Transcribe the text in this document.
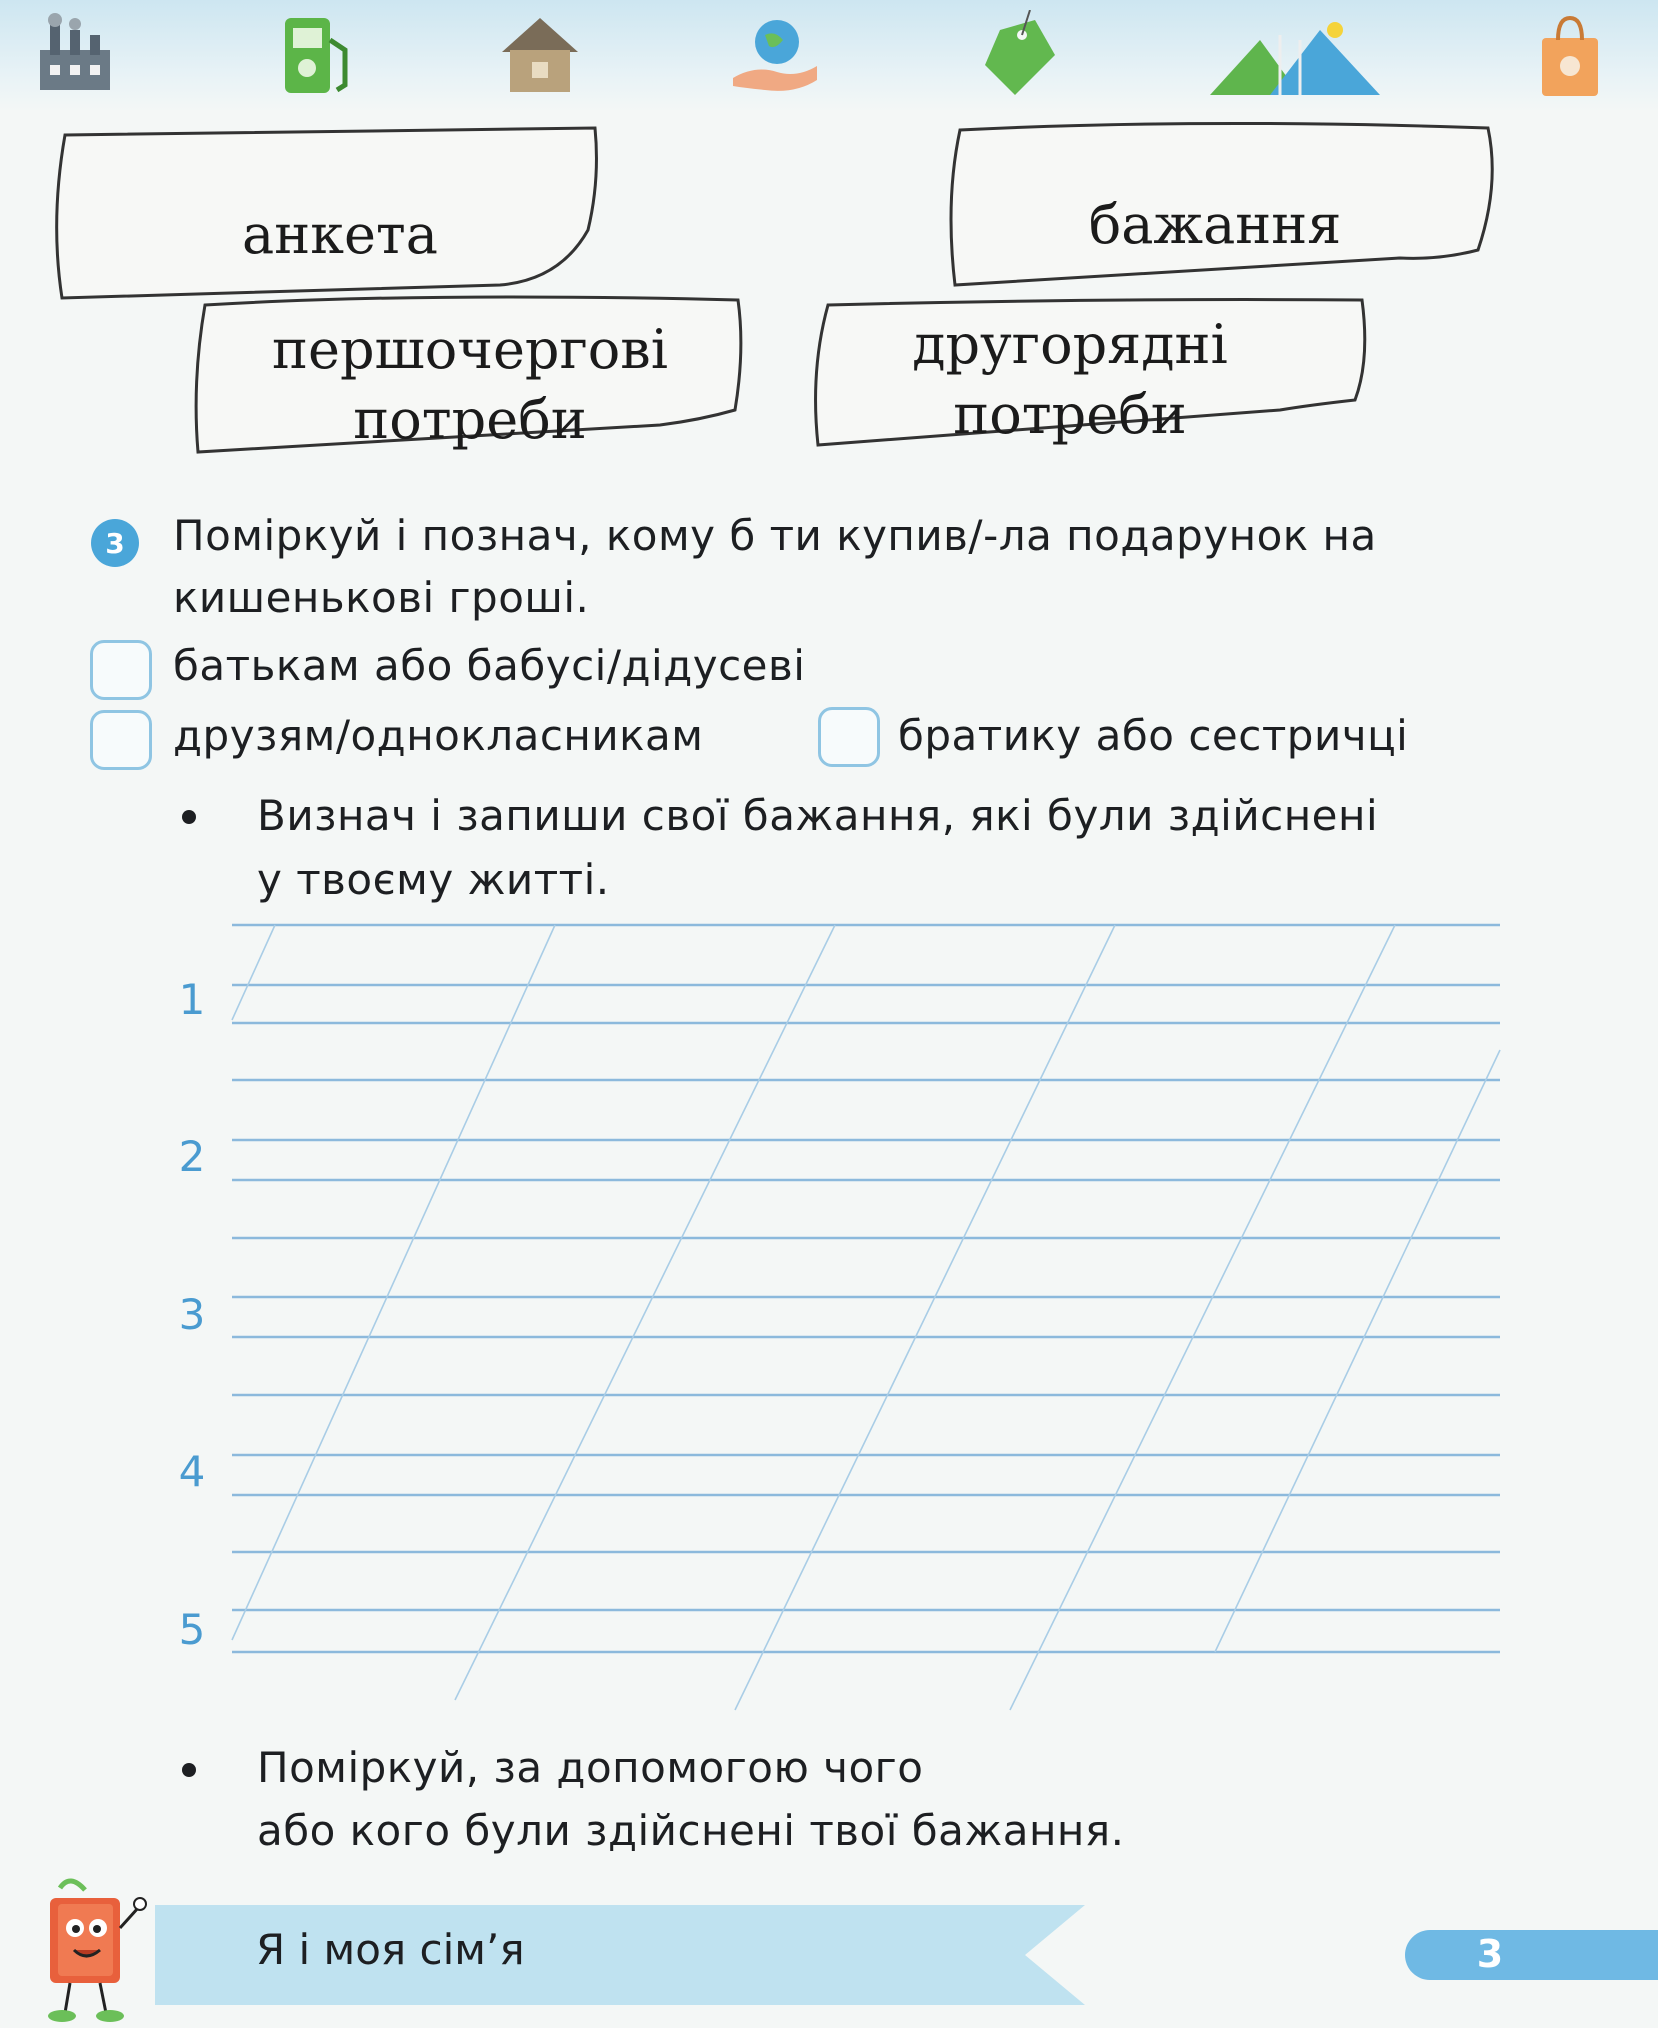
анкета	бажання
першочергові
потреби
другорядні
потреби
3	Поміркуй і познач, кому б ти купив/-ла подарунок на
кишенькові гроші.
батькам або бабусі/дідусеві
друзям/однокласникам	братику або сестричці
Визнач і запиши свої бажання, які були здійснені
у твоєму житті.
1
2
3
4
5
Поміркуй, за допомогою чого
або кого були здійснені твої бажання.
Я і моя сім’я	3
